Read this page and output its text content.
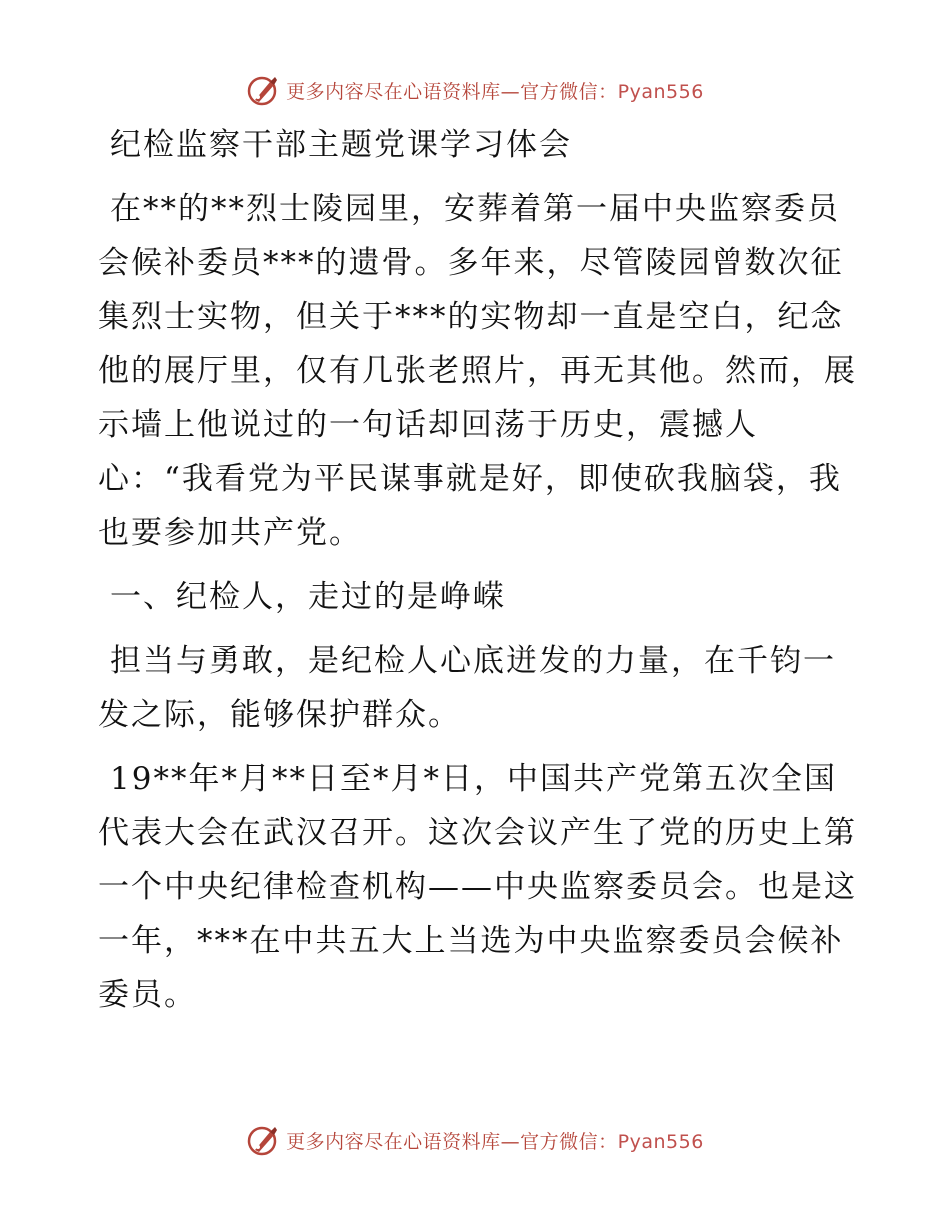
更多内容尽在心语资料库—官方微信：Pyan556

纪检监察干部主题党课学习体会

在**的**烈士陵园里，安葬着第一届中央监察委员会候补委员***的遗骨。多年来，尽管陵园曾数次征集烈士实物，但关于***的实物却一直是空白，纪念他的展厅里，仅有几张老照片，再无其他。然而，展示墙上他说过的一句话却回荡于历史，震撼人心：“我看党为平民谋事就是好，即使砍我脑袋，我也要参加共产党。

一、纪检人，走过的是峥嵘

担当与勇敢，是纪检人心底迸发的力量，在千钧一发之际，能够保护群众。

19**年*月**日至*月*日，中国共产党第五次全国代表大会在武汉召开。这次会议产生了党的历史上第一个中央纪律检查机构——中央监察委员会。也是这一年，***在中共五大上当选为中央监察委员会候补委员。

更多内容尽在心语资料库—官方微信：Pyan556
